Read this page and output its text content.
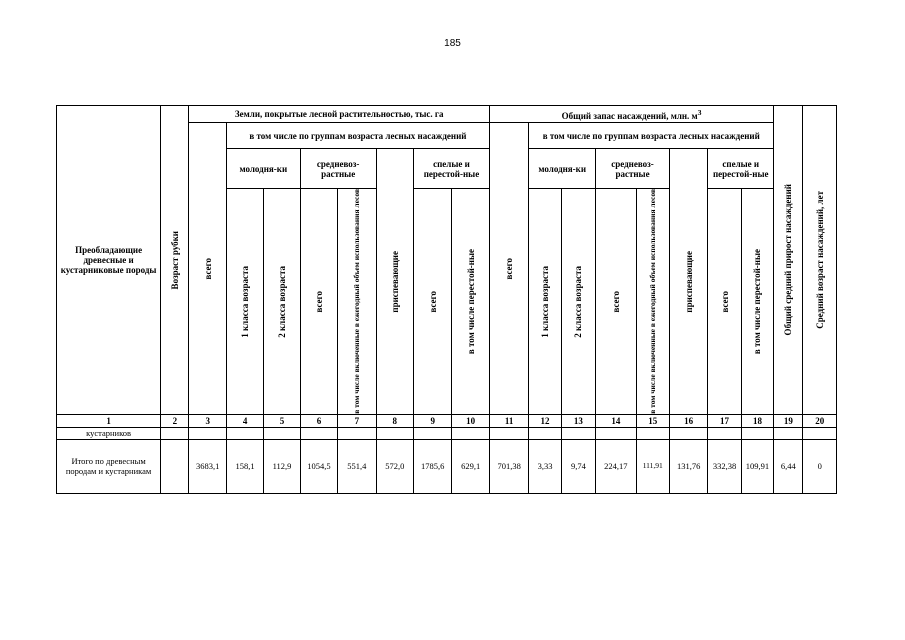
185
Преобладающие древесные и кустарниковые породы	Возраст рубки	Земли, покрытые лесной растительностью, тыс. га								Общий запас насаждений, млн. $м^3$								Общий средний прирост насаждений	Средний возраст насаждений, лет

		всего	в том числе по группам возраста лесных насаждений							всего	в том числе по группам возраста лесных насаждений								
			молодня-ки		средневоз-растные		приспевающие	спелые и перестой-ные			молодня-ки		средневоз-растные		приспевающие	спелые и перестой-ные			

			1 класса возраста	2 класса возраста	всего	в том числе включенные в ежегодный объем использования лесов		всего	в том числе перестой-ные		1 класса возраста	2 класса возраста	всего	в том числе включенные в ежегодный объем использования лесов		всего	в том числе перестой-ные		

1	2	3	4	5	6	7	8	9	10	11	12	13	14	15	16	17	18	19	20
кустарников																			
Итого по древесным породам и кустарникам		3683,1	158,1	112,9	1054,5	551,4	572,0	1785,6	629,1	701,38	3,33	9,74	224,17	111,91	131,76	332,38	109,91	6,44	0
